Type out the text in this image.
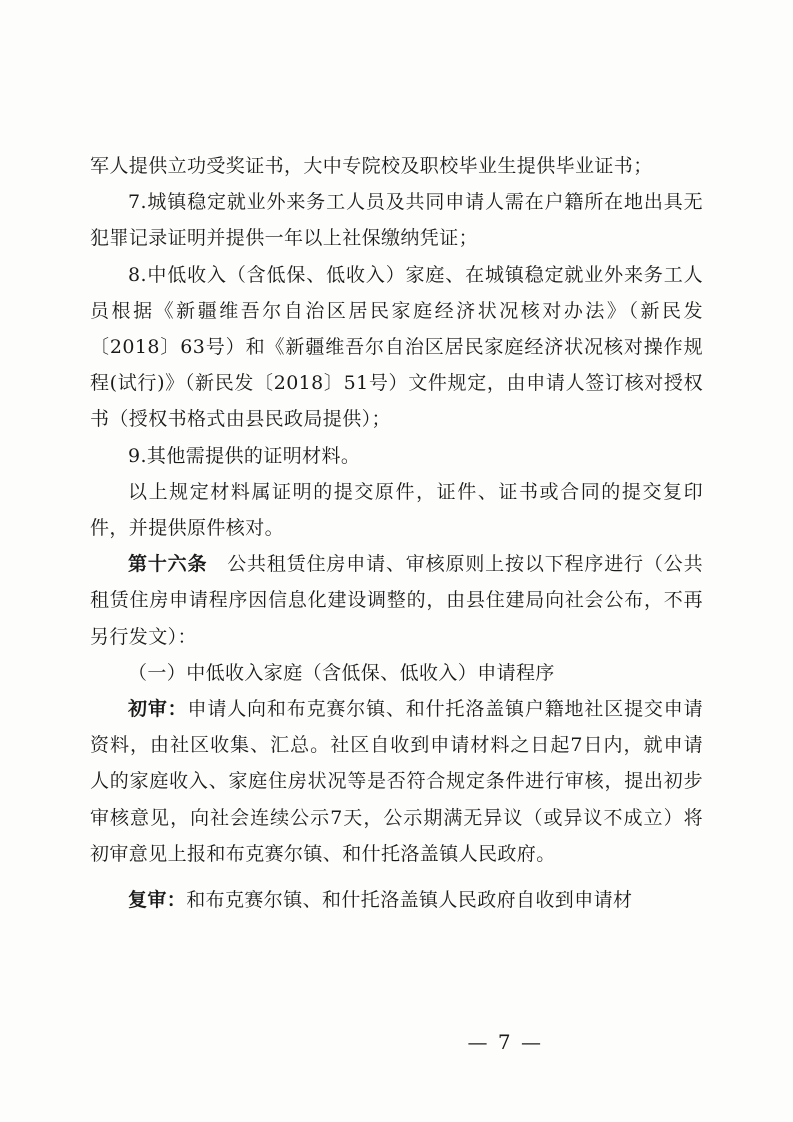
军人提供立功受奖证书，大中专院校及职校毕业生提供毕业证书；

7.城镇稳定就业外来务工人员及共同申请人需在户籍所在地出具无犯罪记录证明并提供一年以上社保缴纳凭证；

8.中低收入（含低保、低收入）家庭、在城镇稳定就业外来务工人员根据《新疆维吾尔自治区居民家庭经济状况核对办法》（新民发〔2018〕63号）和《新疆维吾尔自治区居民家庭经济状况核对操作规程(试行)》（新民发〔2018〕51号）文件规定，由申请人签订核对授权书（授权书格式由县民政局提供）；

9.其他需提供的证明材料。

以上规定材料属证明的提交原件，证件、证书或合同的提交复印件，并提供原件核对。

第十六条　公共租赁住房申请、审核原则上按以下程序进行（公共租赁住房申请程序因信息化建设调整的，由县住建局向社会公布，不再另行发文）：

（一）中低收入家庭（含低保、低收入）申请程序

初审：申请人向和布克赛尔镇、和什托洛盖镇户籍地社区提交申请资料，由社区收集、汇总。社区自收到申请材料之日起7日内，就申请人的家庭收入、家庭住房状况等是否符合规定条件进行审核，提出初步审核意见，向社会连续公示7天，公示期满无异议（或异议不成立）将初审意见上报和布克赛尔镇、和什托洛盖镇人民政府。

复审：和布克赛尔镇、和什托洛盖镇人民政府自收到申请材

— 7 —
